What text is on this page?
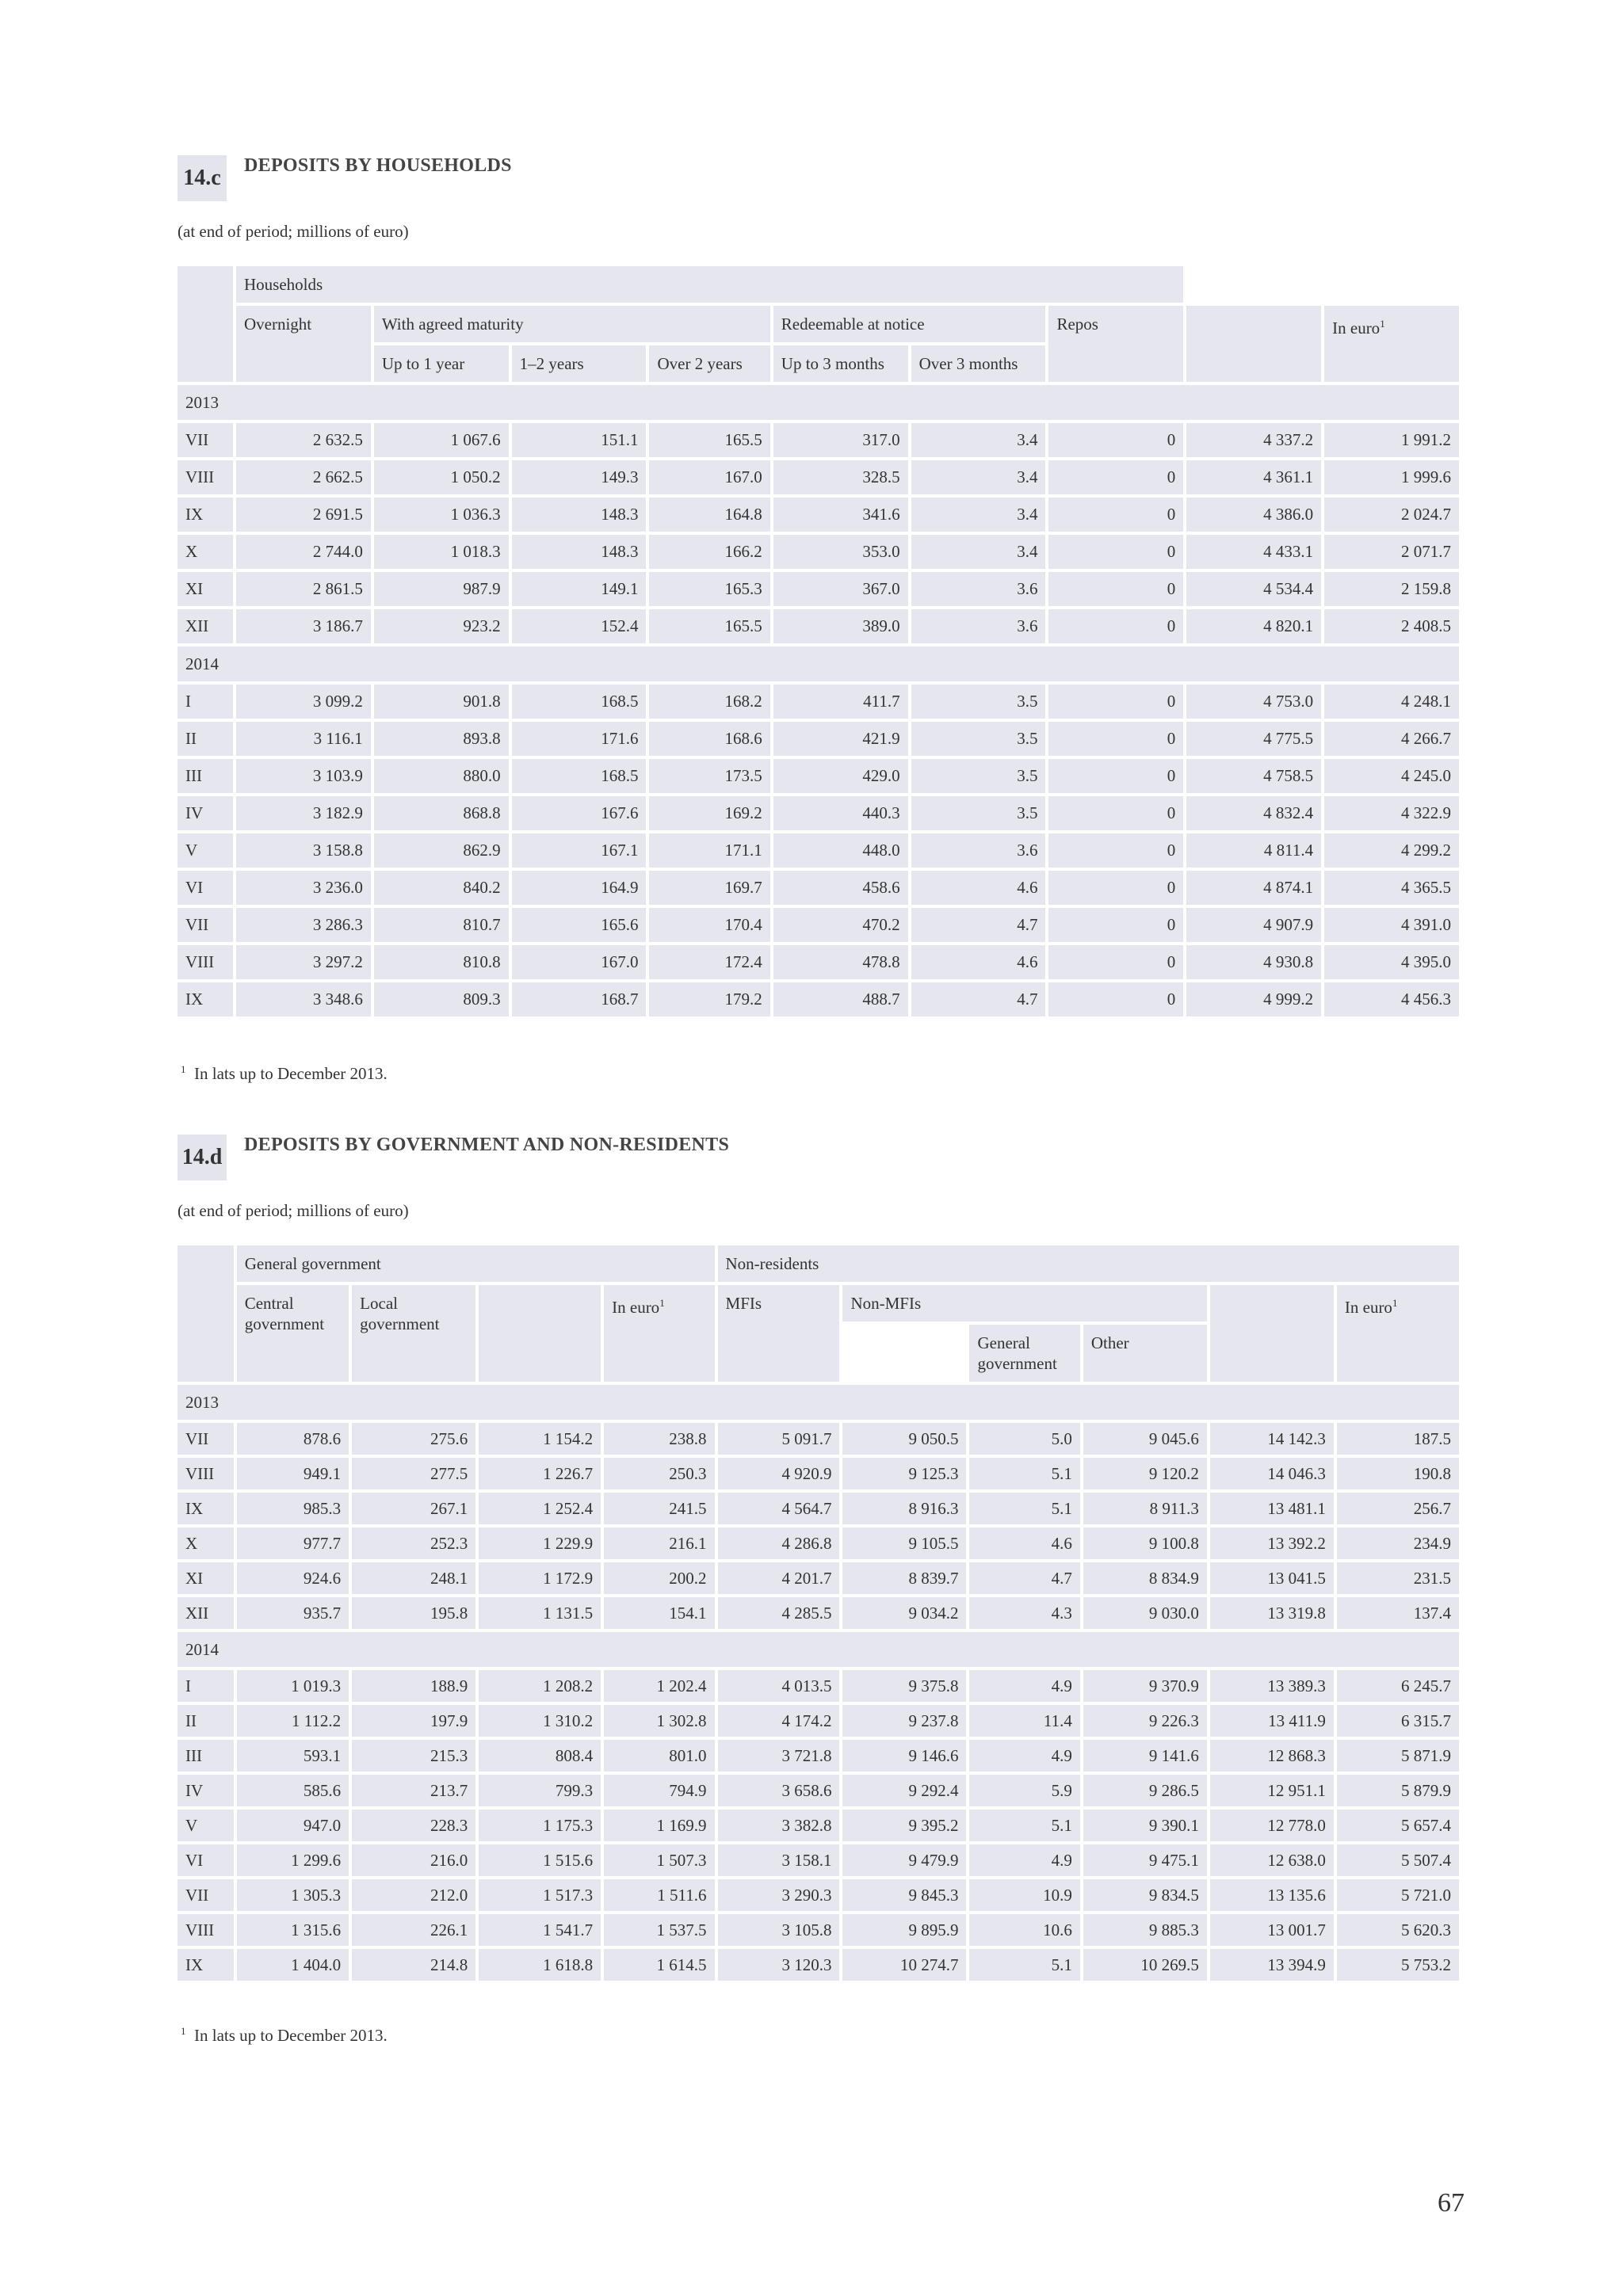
14.c	DEPOSITS BY HOUSEHOLDS
(at end of period; millions of euro)
	Households								
	Overnight	With agreed maturity			Redeemable at notice		Repos		In euro$^1$
		Up to 1 year	1–2 years	Over 2 years	Up to 3 months	Over 3 months			
2013									
VII	2 632.5	1 067.6	151.1	165.5	317.0	3.4	0	4 337.2	1 991.2
VIII	2 662.5	1 050.2	149.3	167.0	328.5	3.4	0	4 361.1	1 999.6
IX	2 691.5	1 036.3	148.3	164.8	341.6	3.4	0	4 386.0	2 024.7
X	2 744.0	1 018.3	148.3	166.2	353.0	3.4	0	4 433.1	2 071.7
XI	2 861.5	987.9	149.1	165.3	367.0	3.6	0	4 534.4	2 159.8
XII	3 186.7	923.2	152.4	165.5	389.0	3.6	0	4 820.1	2 408.5
2014									
I	3 099.2	901.8	168.5	168.2	411.7	3.5	0	4 753.0	4 248.1
II	3 116.1	893.8	171.6	168.6	421.9	3.5	0	4 775.5	4 266.7
III	3 103.9	880.0	168.5	173.5	429.0	3.5	0	4 758.5	4 245.0
IV	3 182.9	868.8	167.6	169.2	440.3	3.5	0	4 832.4	4 322.9
V	3 158.8	862.9	167.1	171.1	448.0	3.6	0	4 811.4	4 299.2
VI	3 236.0	840.2	164.9	169.7	458.6	4.6	0	4 874.1	4 365.5
VII	3 286.3	810.7	165.6	170.4	470.2	4.7	0	4 907.9	4 391.0
VIII	3 297.2	810.8	167.0	172.4	478.8	4.6	0	4 930.8	4 395.0
IX	3 348.6	809.3	168.7	179.2	488.7	4.7	0	4 999.2	4 456.3
$^1$ In lats up to December 2013.
14.d DEPOSITS BY GOVERNMENT AND NON-RESIDENTS
(at end of period; millions of euro)
	General government				Non-residents					
	Central government	Local government		In euro$^1$	MFIs	Non-MFIs				In euro$^1$
							General government	Other		
2013										
VII	878.6	275.6	1 154.2	238.8	5 091.7	9 050.5	5.0	9 045.6	14 142.3	187.5
VIII	949.1	277.5	1 226.7	250.3	4 920.9	9 125.3	5.1	9 120.2	14 046.3	190.8
IX	985.3	267.1	1 252.4	241.5	4 564.7	8 916.3	5.1	8 911.3	13 481.1	256.7
X	977.7	252.3	1 229.9	216.1	4 286.8	9 105.5	4.6	9 100.8	13 392.2	234.9
XI	924.6	248.1	1 172.9	200.2	4 201.7	8 839.7	4.7	8 834.9	13 041.5	231.5
XII	935.7	195.8	1 131.5	154.1	4 285.5	9 034.2	4.3	9 030.0	13 319.8	137.4
2014										
I	1 019.3	188.9	1 208.2	1 202.4	4 013.5	9 375.8	4.9	9 370.9	13 389.3	6 245.7
II	1 112.2	197.9	1 310.2	1 302.8	4 174.2	9 237.8	11.4	9 226.3	13 411.9	6 315.7
III	593.1	215.3	808.4	801.0	3 721.8	9 146.6	4.9	9 141.6	12 868.3	5 871.9
IV	585.6	213.7	799.3	794.9	3 658.6	9 292.4	5.9	9 286.5	12 951.1	5 879.9
V	947.0	228.3	1 175.3	1 169.9	3 382.8	9 395.2	5.1	9 390.1	12 778.0	5 657.4
VI	1 299.6	216.0	1 515.6	1 507.3	3 158.1	9 479.9	4.9	9 475.1	12 638.0	5 507.4
VII	1 305.3	212.0	1 517.3	1 511.6	3 290.3	9 845.3	10.9	9 834.5	13 135.6	5 721.0
VIII	1 315.6	226.1	1 541.7	1 537.5	3 105.8	9 895.9	10.6	9 885.3	13 001.7	5 620.3
IX	1 404.0	214.8	1 618.8	1 614.5	3 120.3	10 274.7	5.1	10 269.5	13 394.9	5 753.2
$^1$ In lats up to December 2013.
67
